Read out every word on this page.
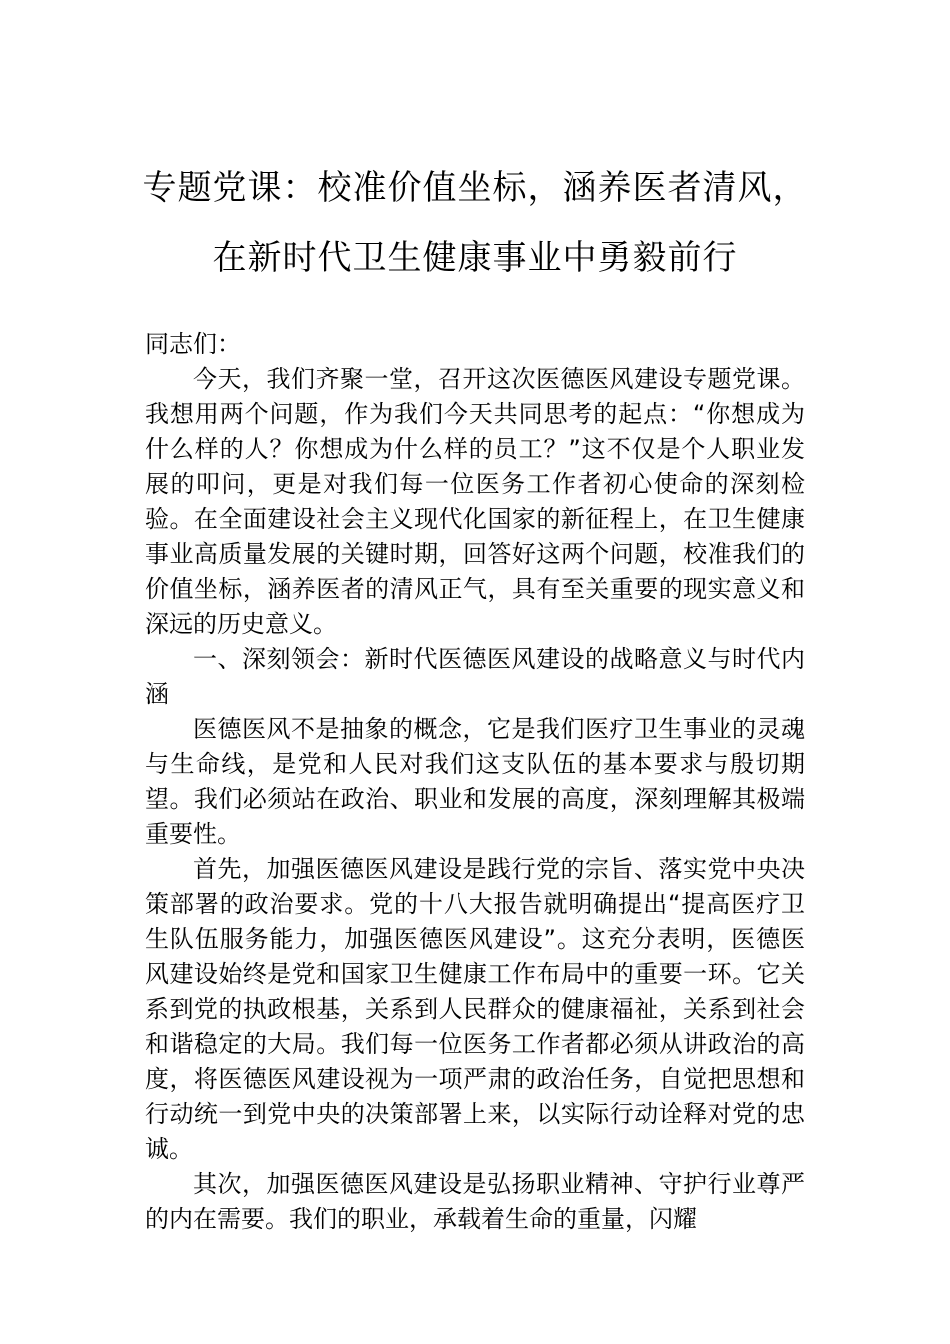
专题党课：校准价值坐标，涵养医者清风，
在新时代卫生健康事业中勇毅前行

同志们：

今天，我们齐聚一堂，召开这次医德医风建设专题党课。我想用两个问题，作为我们今天共同思考的起点：“你想成为什么样的人？你想成为什么样的员工？”这不仅是个人职业发展的叩问，更是对我们每一位医务工作者初心使命的深刻检验。在全面建设社会主义现代化国家的新征程上，在卫生健康事业高质量发展的关键时期，回答好这两个问题，校准我们的价值坐标，涵养医者的清风正气，具有至关重要的现实意义和深远的历史意义。

一、深刻领会：新时代医德医风建设的战略意义与时代内涵

医德医风不是抽象的概念，它是我们医疗卫生事业的灵魂与生命线，是党和人民对我们这支队伍的基本要求与殷切期望。我们必须站在政治、职业和发展的高度，深刻理解其极端重要性。

首先，加强医德医风建设是践行党的宗旨、落实党中央决策部署的政治要求。党的十八大报告就明确提出“提高医疗卫生队伍服务能力，加强医德医风建设”。这充分表明，医德医风建设始终是党和国家卫生健康工作布局中的重要一环。它关系到党的执政根基，关系到人民群众的健康福祉，关系到社会和谐稳定的大局。我们每一位医务工作者都必须从讲政治的高度，将医德医风建设视为一项严肃的政治任务，自觉把思想和行动统一到党中央的决策部署上来，以实际行动诠释对党的忠诚。

其次，加强医德医风建设是弘扬职业精神、守护行业尊严的内在需要。我们的职业，承载着生命的重量，闪耀
